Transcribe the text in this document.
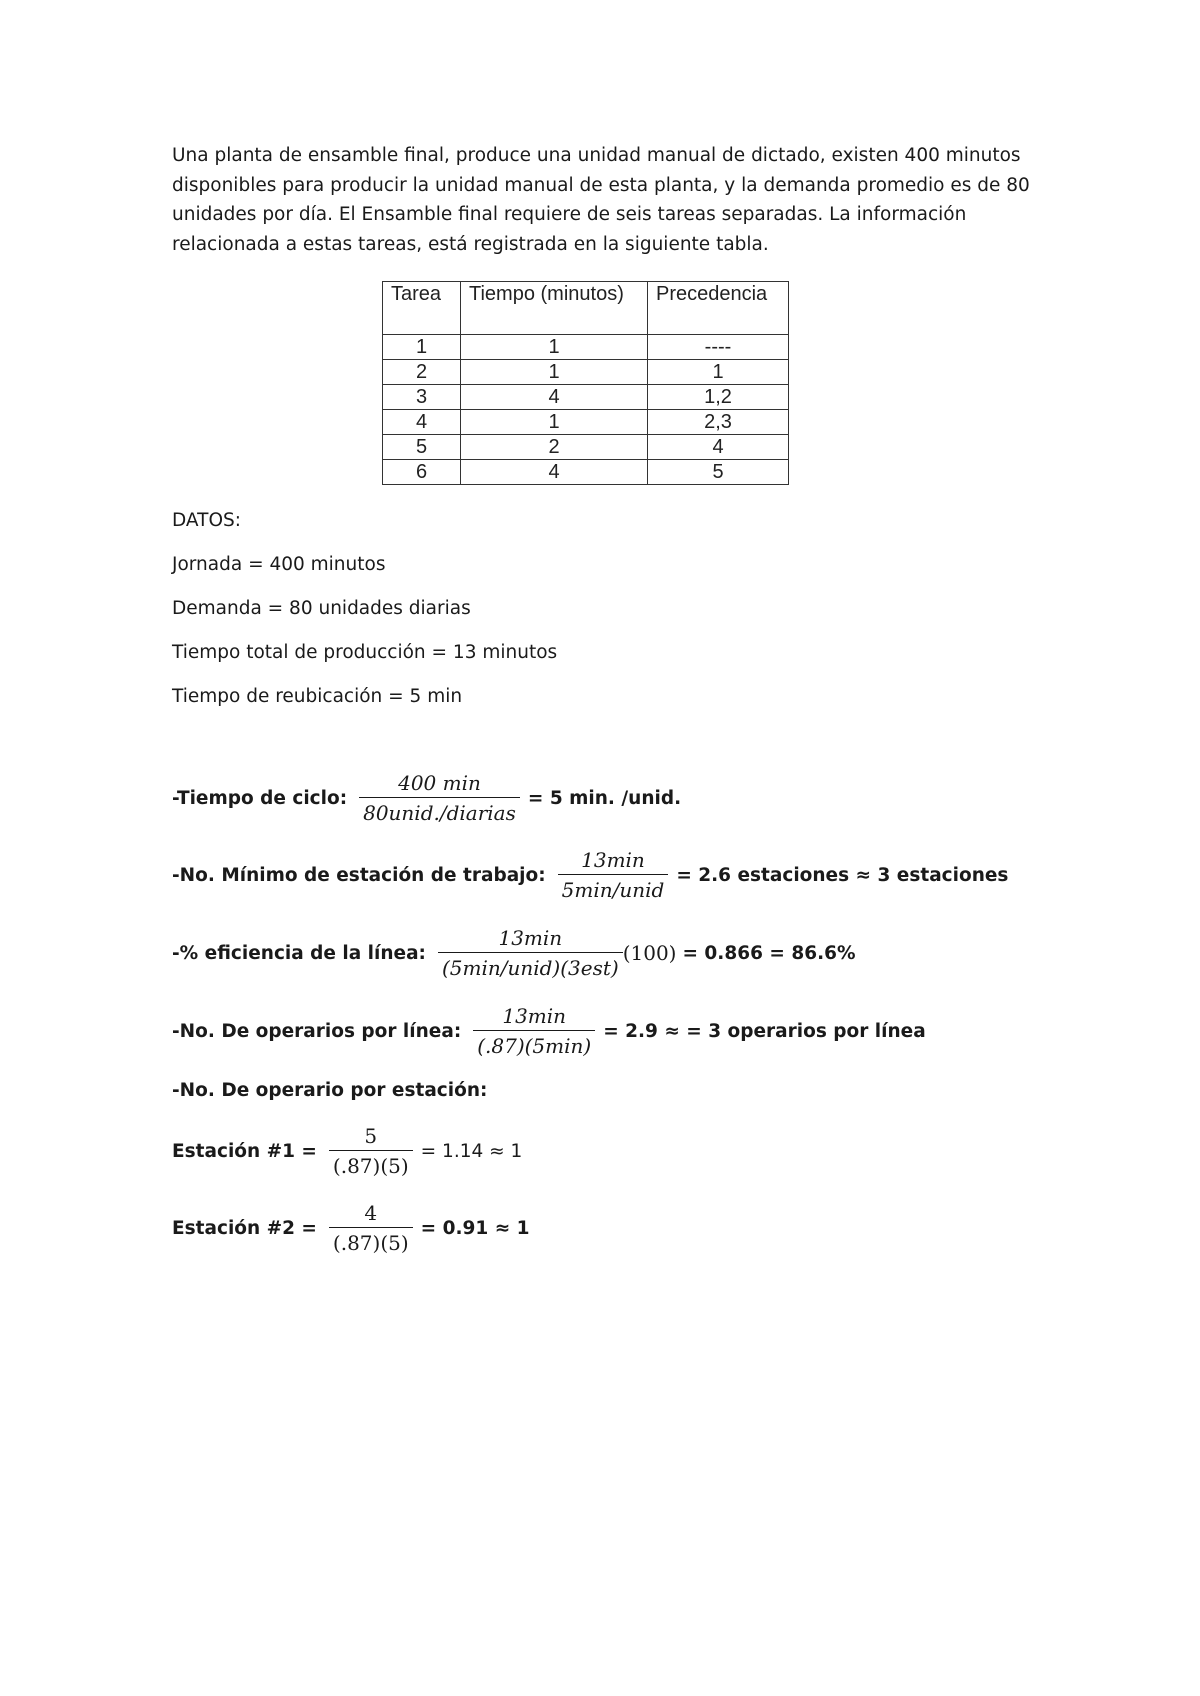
Una planta de ensamble final, produce una unidad manual de dictado, existen 400 minutos
disponibles para producir la unidad manual de esta planta, y la demanda promedio es de 80
unidades por día. El Ensamble final requiere de seis tareas separadas. La información
relacionada a estas tareas, está registrada en la siguiente tabla.

Tarea	Tiempo (minutos)	Precedencia
1	1	----
2	1	1
3	4	1,2
4	1	2,3
5	2	4
6	4	5

DATOS:

Jornada = 400 minutos

Demanda = 80 unidades diarias

Tiempo total de producción = 13 minutos

Tiempo de reubicación = 5 min

-Tiempo de ciclo: $\frac{400 \min}{\text{80unid./diarias}} = 5$ min. /unid.
-No. Mínimo de estación de trabajo: $\frac{13\min}{\text{5min/unid}} = 2.6$ estaciones ≈ 3 estaciones
-% eficiencia de la línea: $\frac{13\min}{\text{(5min/unid)(3est)}} (100) = 0.866 = 86.6\%$
-No. De operarios por línea: $\frac{13\min}{(.87)(5\min)} = 2.9$ ≈ = 3 operarios por línea
-No. De operario por estación:
Estación #1 = $\frac{5}{(.87)(5)} = 1.14 \approx 1$
Estación #2 = $\frac{4}{(.87)(5)} = 0.91 \approx 1$
